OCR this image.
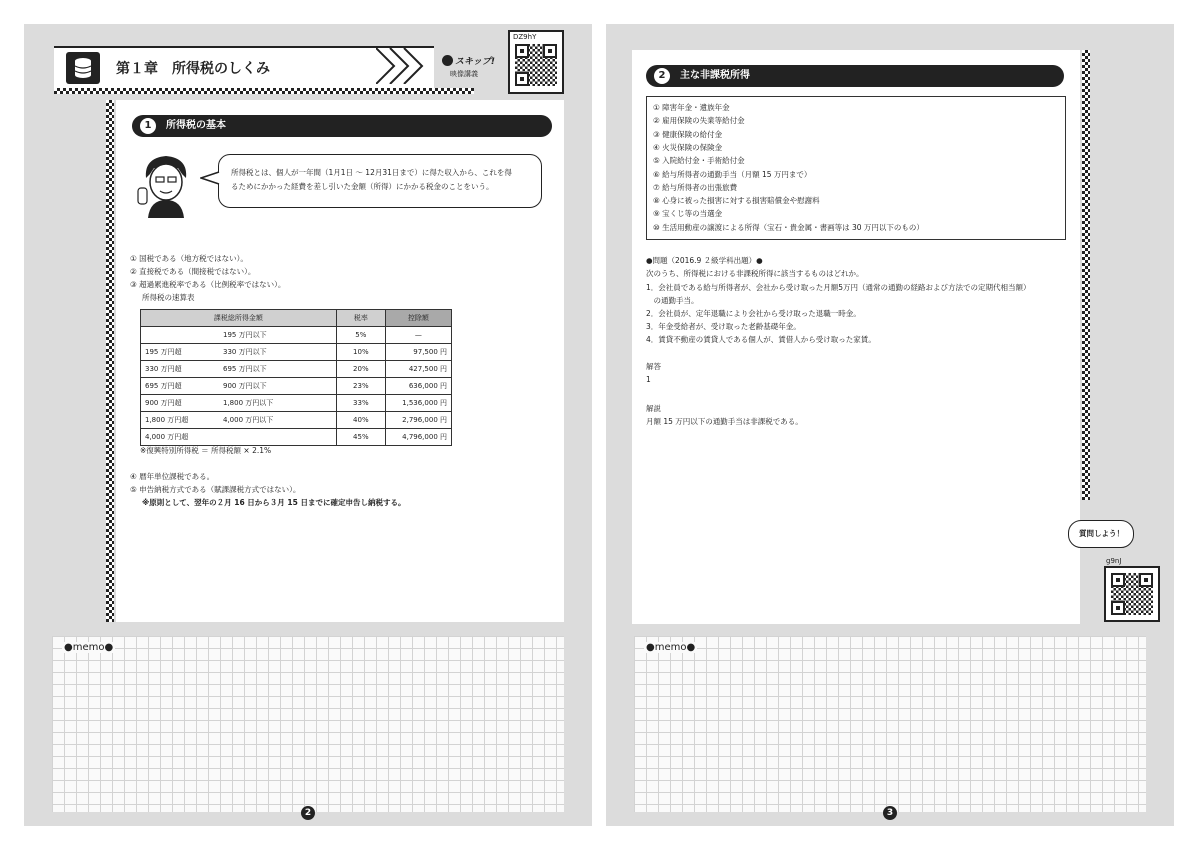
第１章　所得税のしくみ	スキップ!
映像講義
DZ9hY
1 所得税の基本
所得税とは、個人が一年間（1月1日 〜 12月31日まで）に得た収入から、これを得
るためにかかった経費を差し引いた金額（所得）にかかる税金のことをいう。
① 国税である（地方税ではない）。
② 直接税である（間接税ではない）。
③ 超過累進税率である（比例税率ではない）。
所得税の速算表
課税総所得金額		税率	控除額
	195 万円以下	5%	—
195 万円超	330 万円以下	10%	97,500 円
330 万円超	695 万円以下	20%	427,500 円
695 万円超	900 万円以下	23%	636,000 円
900 万円超	1,800 万円以下	33%	1,536,000 円
1,800 万円超	4,000 万円以下	40%	2,796,000 円
4,000 万円超		45%	4,796,000 円
※復興特別所得税 ＝ 所得税額 × 2.1%
④ 暦年単位課税である。
⑤ 申告納税方式である（賦課課税方式ではない）。
※原則として、翌年の２月 16 日から３月 15 日までに確定申告し納税する。
●memo●
2
2 主な非課税所得
① 障害年金・遺族年金
② 雇用保険の失業等給付金
③ 健康保険の給付金
④ 火災保険の保険金
⑤ 入院給付金・手術給付金
⑥ 給与所得者の通勤手当（月額 15 万円まで）
⑦ 給与所得者の出張旅費
⑧ 心身に被った損害に対する損害賠償金や慰謝料
⑨ 宝くじ等の当選金
⑩ 生活用動産の譲渡による所得（宝石・貴金属・書画等は 30 万円以下のもの）
●問題（2016.9 ２級学科出題）●
次のうち、所得税における非課税所得に該当するものはどれか。
1．会社員である給与所得者が、会社から受け取った月額5万円（通常の通勤の経路および方法での定期代相当額）
　の通勤手当。
2．会社員が、定年退職により会社から受け取った退職一時金。
3．年金受給者が、受け取った老齢基礎年金。
4．賃貸不動産の賃貸人である個人が、賃借人から受け取った家賃。
解答
1
解説
月額 15 万円以下の通勤手当は非課税である。
質問しよう！
g9nJ
●memo●
3
